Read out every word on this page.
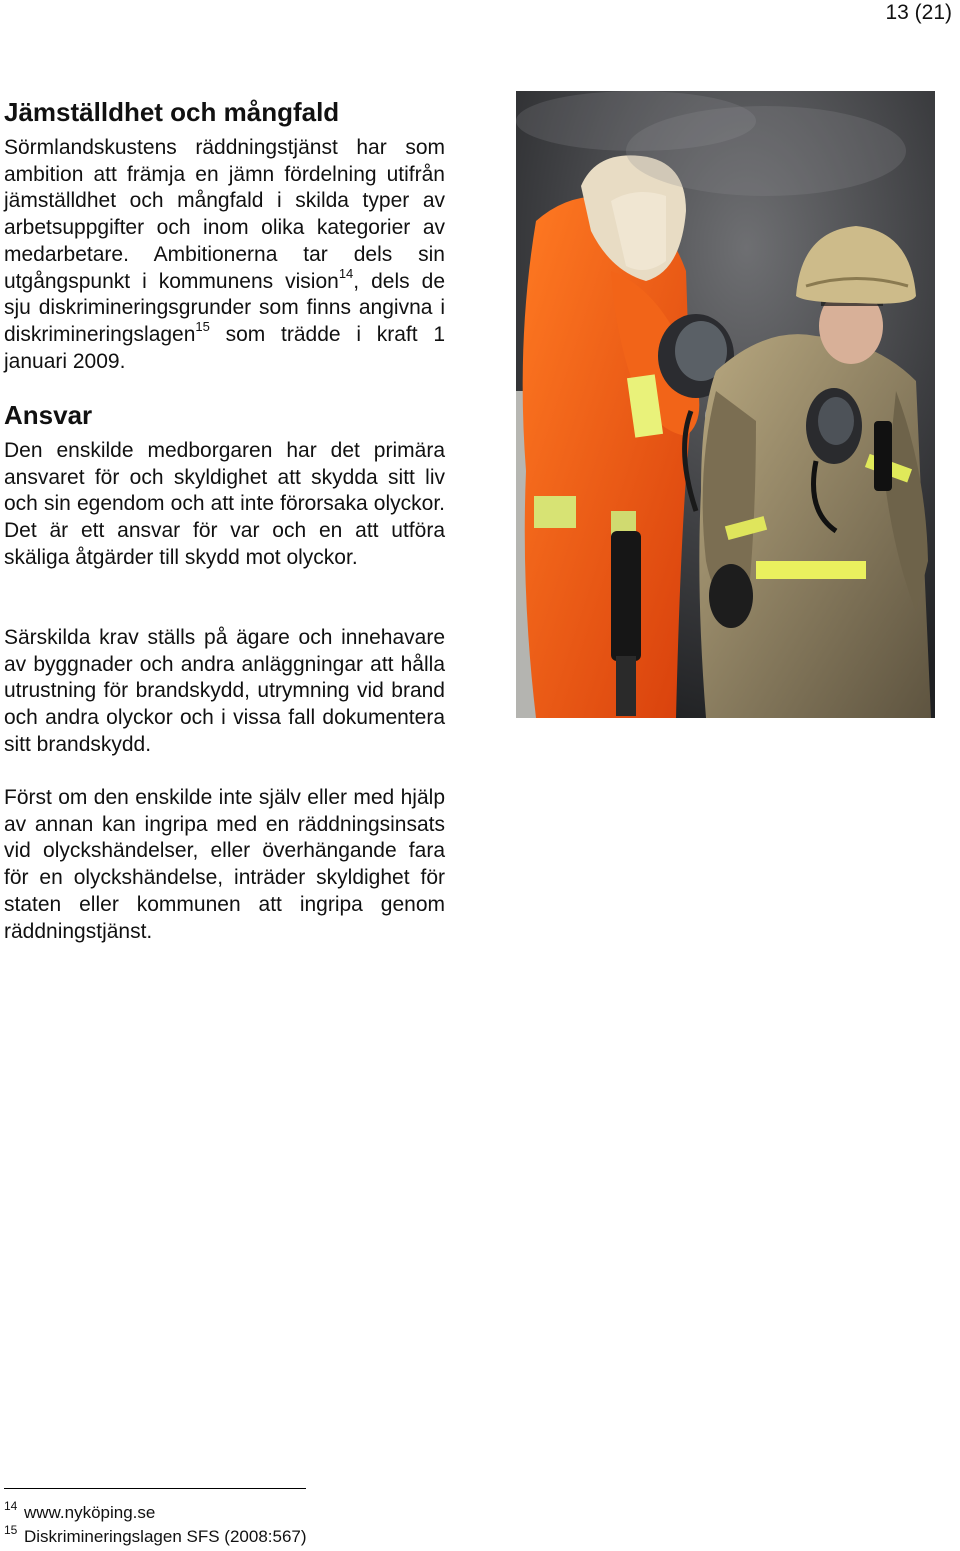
13 (21)
Jämställdhet och mångfald

Sörmlandskustens räddningstjänst har som ambition att främja en jämn fördelning utifrån jämställdhet och mångfald i skilda typer av arbetsuppgifter och inom olika kategorier av medarbetare. Ambitionerna tar dels sin utgångspunkt i kommunens vision$^{14}$, dels de sju diskrimineringsgrunder som finns angivna i diskrimineringslagen$^{15}$ som trädde i kraft 1 januari 2009.

Ansvar

Den enskilde medborgaren har det primära ansvaret för och skyldighet att skydda sitt liv och sin egendom och att inte förorsaka olyckor. Det är ett ansvar för var och en att utföra skäliga åtgärder till skydd mot olyckor.

Särskilda krav ställs på ägare och innehavare av byggnader och andra anläggningar att hålla utrustning för brandskydd, utrymning vid brand och andra olyckor och i vissa fall dokumentera sitt brandskydd.

Först om den enskilde inte själv eller med hjälp av annan kan ingripa med en räddningsinsats vid olyckshändelser, eller överhängande fara för en olyckshändelse, inträder skyldighet för staten eller kommunen att ingripa genom räddningstjänst.

14 www.nyköping.se
15 Diskrimineringslagen SFS (2008:567)
